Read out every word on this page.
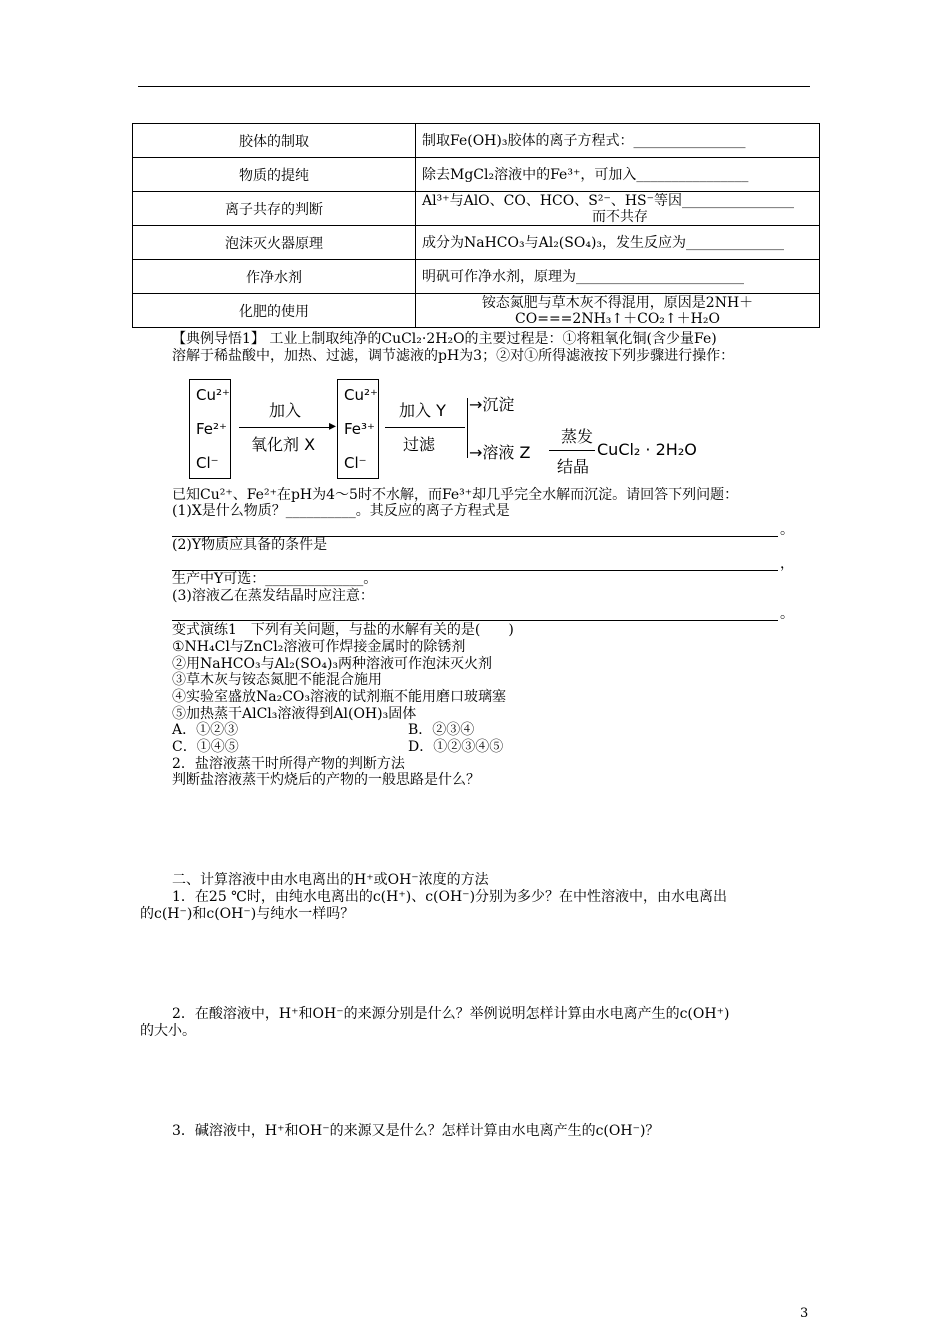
胶体的制取	制取Fe(OH)₃胶体的离子方程式：________________
物质的提纯	除去MgCl₂溶液中的Fe³⁺，可加入________________
离子共存的判断	Al³⁺与AlO、CO、HCO、S²⁻、HS⁻等因________________
而不共存
泡沫灭火器原理	成分为NaHCO₃与Al₂(SO₄)₃，发生反应为______________
作净水剂	明矾可作净水剂，原理为________________________
化肥的使用	铵态氮肥与草木灰不得混用，原因是2NH＋
CO===2NH₃↑＋CO₂↑＋H₂O
【典例导悟1】 工业上制取纯净的CuCl₂·2H₂O的主要过程是：①将粗氧化铜(含少量Fe)
溶解于稀盐酸中，加热、过滤，调节滤液的pH为3；②对①所得滤液按下列步骤进行操作：
Cu²⁺
Fe²⁺
Cl⁻
加入
▸
氧化剂 X
Cu²⁺
Fe³⁺
Cl⁻
加入 Y
过滤
→沉淀
→溶液 Z
蒸发
结晶
CuCl₂ · 2H₂O
已知Cu²⁺、Fe²⁺在pH为4～5时不水解，而Fe³⁺却几乎完全水解而沉淀。请回答下列问题：
(1)X是什么物质？__________。其反应的离子方程式是
。
(2)Y物质应具备的条件是
，
生产中Y可选：______________。
(3)溶液乙在蒸发结晶时应注意：
。
变式演练1　下列有关问题，与盐的水解有关的是(　　)
①NH₄Cl与ZnCl₂溶液可作焊接金属时的除锈剂
②用NaHCO₃与Al₂(SO₄)₃两种溶液可作泡沫灭火剂
③草木灰与铵态氮肥不能混合施用
④实验室盛放Na₂CO₃溶液的试剂瓶不能用磨口玻璃塞
⑤加热蒸干AlCl₃溶液得到Al(OH)₃固体
A．①②③	B．②③④
C．①④⑤	D．①②③④⑤
2．盐溶液蒸干时所得产物的判断方法
判断盐溶液蒸干灼烧后的产物的一般思路是什么？
二、计算溶液中由水电离出的H⁺或OH⁻浓度的方法
1．在25 ℃时，由纯水电离出的c(H⁺)、c(OH⁻)分别为多少？在中性溶液中，由水电离出
的c(H⁻)和c(OH⁻)与纯水一样吗？
2．在酸溶液中，H⁺和OH⁻的来源分别是什么？举例说明怎样计算由水电离产生的c(OH⁺)
的大小。
3．碱溶液中，H⁺和OH⁻的来源又是什么？怎样计算由水电离产生的c(OH⁻)？
3
